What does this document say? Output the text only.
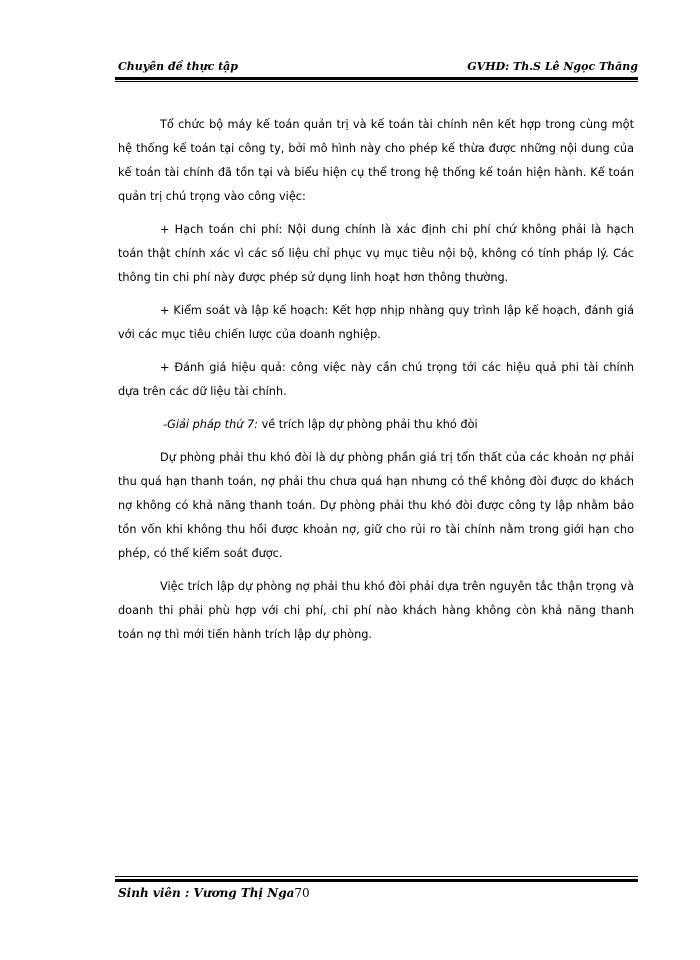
Chuyên đề thực tập	GVHD: Th.S Lê Ngọc Thăng

Tổ chức bộ máy kế toán quản trị và kế toán tài chính nên kết hợp trong cùng một hệ thống kế toán tại công ty, bởi mô hình này cho phép kế thừa được những nội dung của kế toán tài chính đã tồn tại và biểu hiện cụ thể trong hệ thống kế toán hiện hành. Kế toán quản trị chú trọng vào công việc:

+ Hạch toán chi phí: Nội dung chính là xác định chi phí chứ không phải là hạch toán thật chính xác vì các số liệu chỉ phục vụ mục tiêu nội bộ, không có tính pháp lý. Các thông tin chi phí này được phép sử dụng linh hoạt hơn thông thường.

+ Kiểm soát và lập kế hoạch: Kết hợp nhịp nhàng quy trình lập kế hoạch, đánh giá với các mục tiêu chiến lược của doanh nghiệp.

+ Đánh giá hiệu quả: công việc này cần chú trọng tới các hiệu quả phi tài chính dựa trên các dữ liệu tài chính.

-Giải pháp thứ 7: về trích lập dự phòng phải thu khó đòi

Dự phòng phải thu khó đòi là dự phòng phần giá trị tổn thất của các khoản nợ phải thu quá hạn thanh toán, nợ phải thu chưa quá hạn nhưng có thể không đòi được do khách nợ không có khả năng thanh toán. Dự phòng phải thu khó đòi được công ty lập nhằm bảo tồn vốn khi không thu hồi được khoản nợ, giữ cho rủi ro tài chính nằm trong giới hạn cho phép, có thể kiểm soát được.

Việc trích lập dự phòng nợ phải thu khó đòi phải dựa trên nguyên tắc thận trọng và doanh thi phải phù hợp với chi phí, chi phí nào khách hàng không còn khả năng thanh toán nợ thì mới tiến hành trích lập dự phòng.

Sinh viên : Vương Thị Nga70
